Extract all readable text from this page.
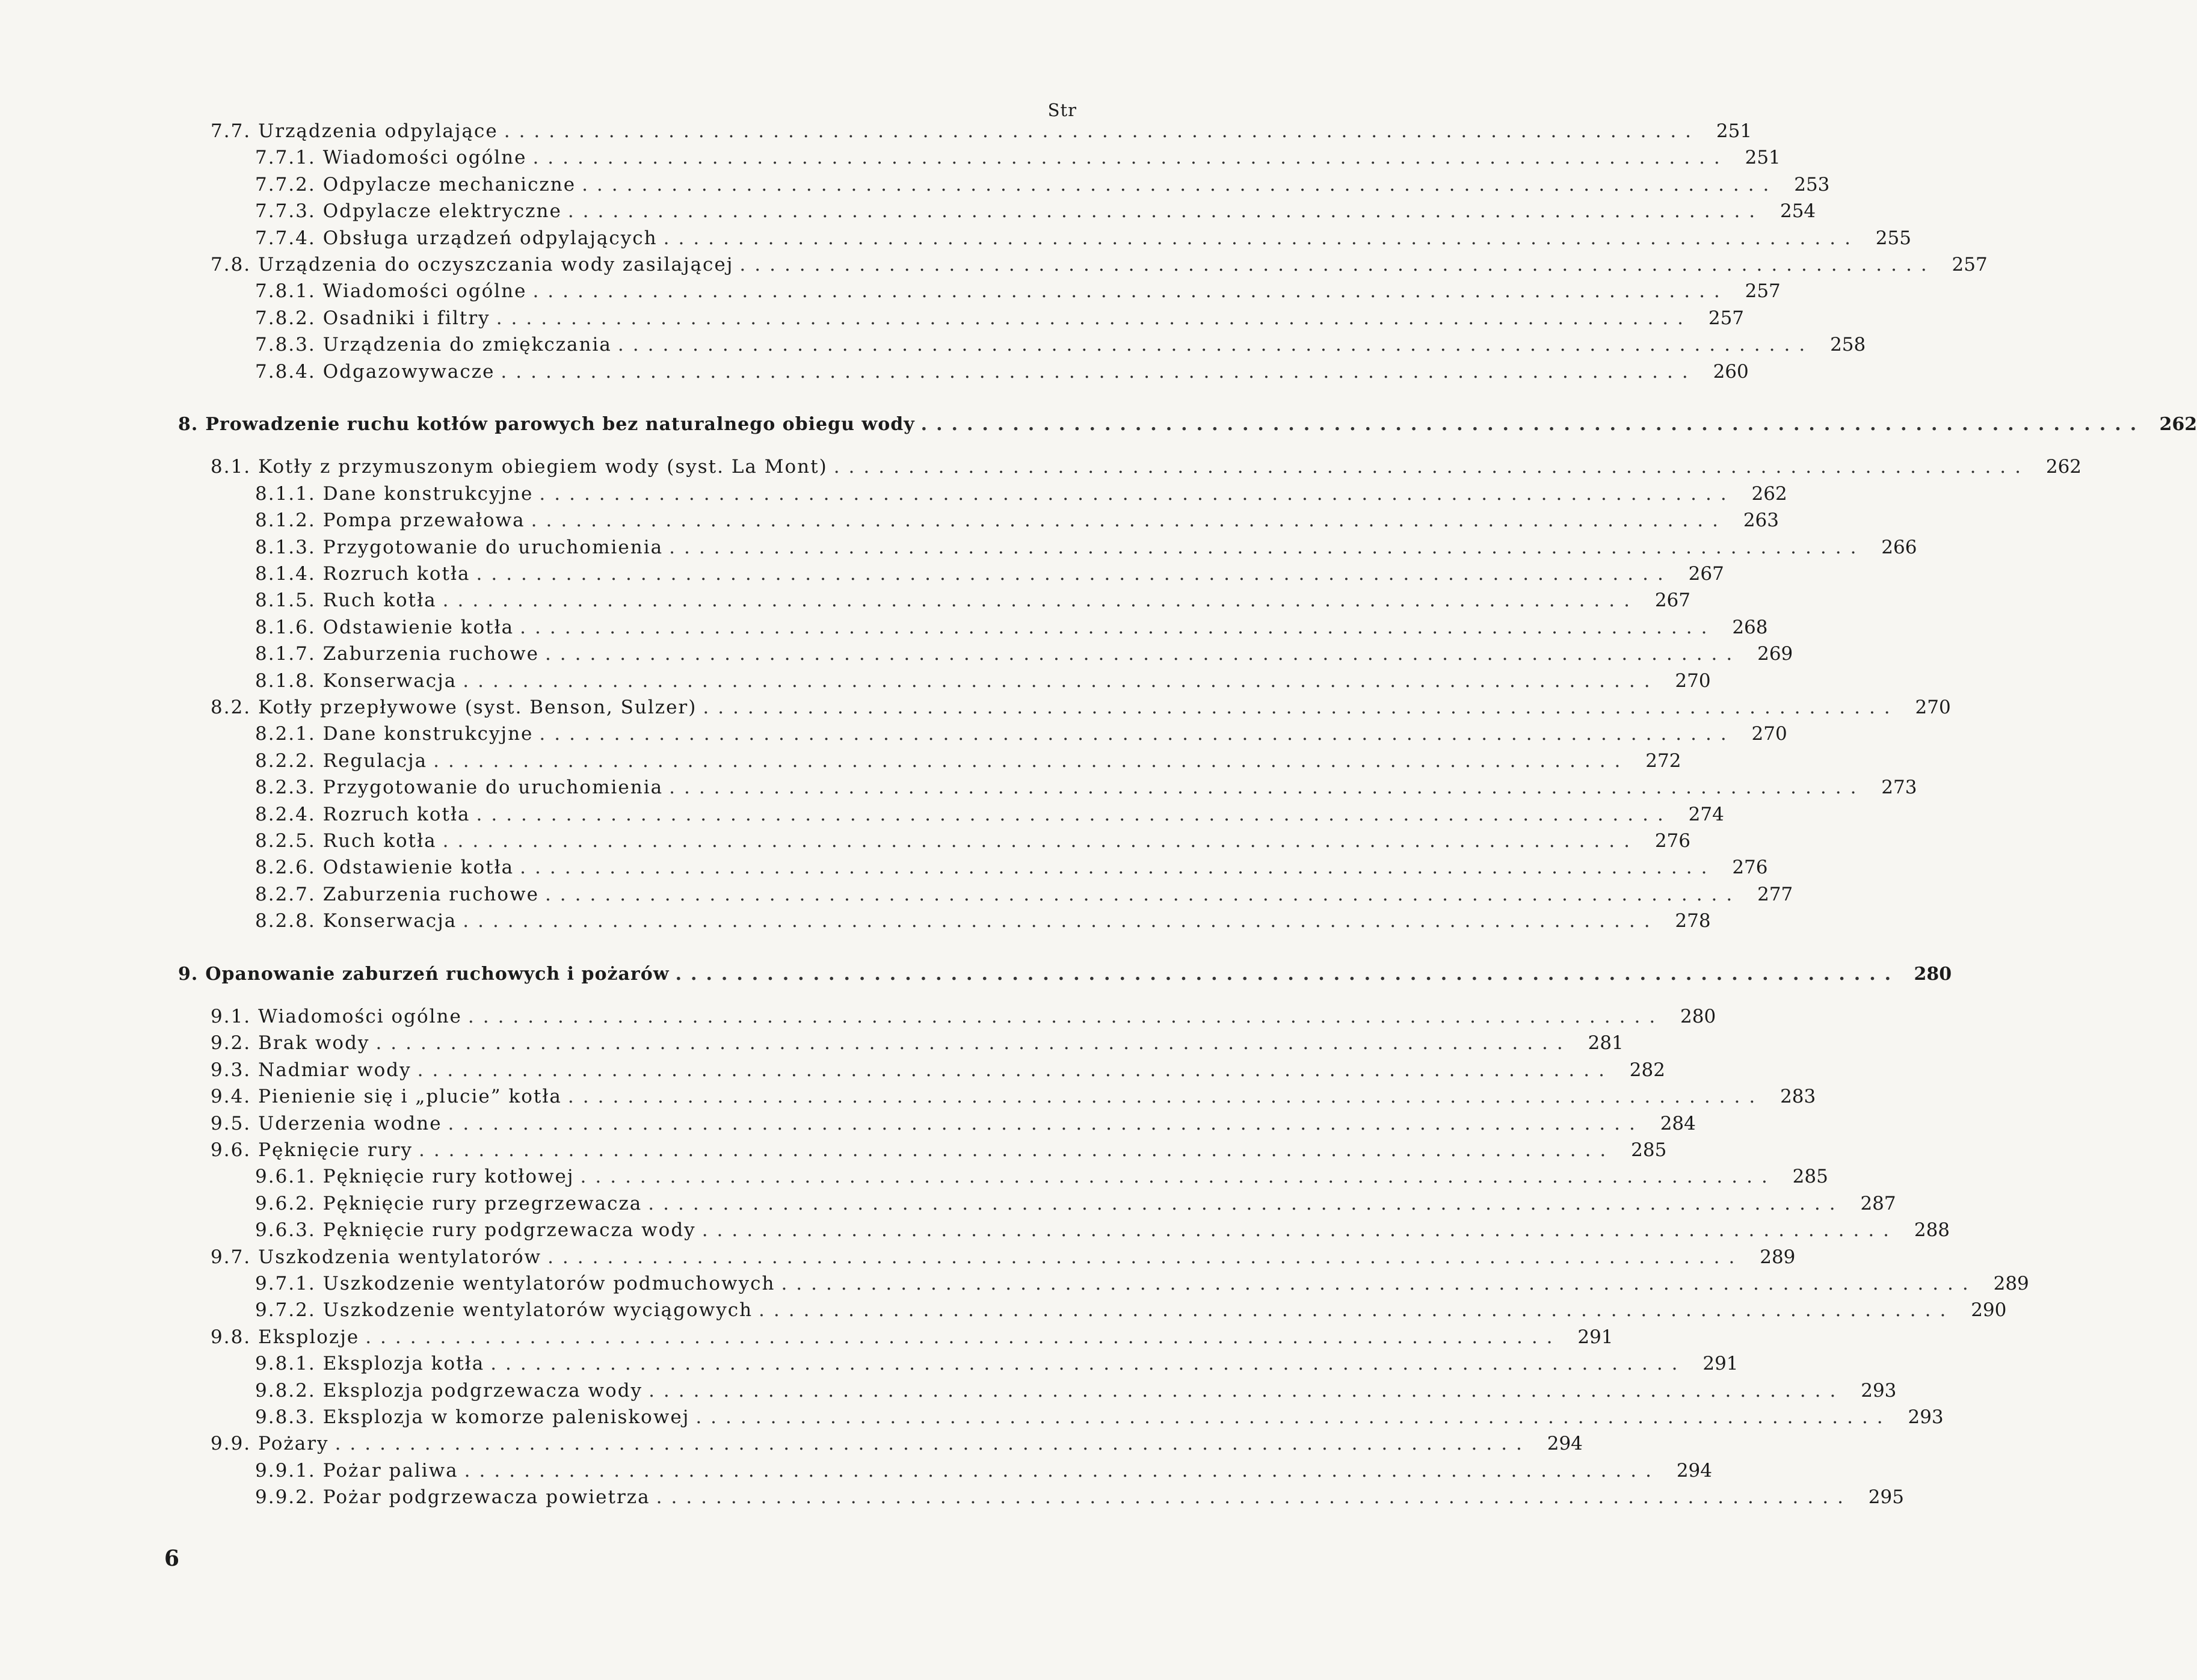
Str
7.7. Urządzenia odpylające ................................................................................ 251
7.7.1. Wiadomości ogólne ................................................................................ 251
7.7.2. Odpylacze mechaniczne ................................................................................ 253
7.7.3. Odpylacze elektryczne ................................................................................ 254
7.7.4. Obsługa urządzeń odpylających ................................................................................ 255
7.8. Urządzenia do oczyszczania wody zasilającej ................................................................................ 257
7.8.1. Wiadomości ogólne ................................................................................ 257
7.8.2. Osadniki i filtry ................................................................................ 257
7.8.3. Urządzenia do zmiękczania ................................................................................ 258
7.8.4. Odgazowywacze ................................................................................ 260
8. Prowadzenie ruchu kotłów parowych bez naturalnego obiegu wody ................................................................................ 262
8.1. Kotły z przymuszonym obiegiem wody (syst. La Mont) ................................................................................ 262
8.1.1. Dane konstrukcyjne ................................................................................ 262
8.1.2. Pompa przewałowa ................................................................................ 263
8.1.3. Przygotowanie do uruchomienia ................................................................................ 266
8.1.4. Rozruch kotła ................................................................................ 267
8.1.5. Ruch kotła ................................................................................ 267
8.1.6. Odstawienie kotła ................................................................................ 268
8.1.7. Zaburzenia ruchowe ................................................................................ 269
8.1.8. Konserwacja ................................................................................ 270
8.2. Kotły przepływowe (syst. Benson, Sulzer) ................................................................................ 270
8.2.1. Dane konstrukcyjne ................................................................................ 270
8.2.2. Regulacja ................................................................................ 272
8.2.3. Przygotowanie do uruchomienia ................................................................................ 273
8.2.4. Rozruch kotła ................................................................................ 274
8.2.5. Ruch kotła ................................................................................ 276
8.2.6. Odstawienie kotła ................................................................................ 276
8.2.7. Zaburzenia ruchowe ................................................................................ 277
8.2.8. Konserwacja ................................................................................ 278
9. Opanowanie zaburzeń ruchowych i pożarów ................................................................................ 280
9.1. Wiadomości ogólne ................................................................................ 280
9.2. Brak wody ................................................................................ 281
9.3. Nadmiar wody ................................................................................ 282
9.4. Pienienie się i „plucie” kotła ................................................................................ 283
9.5. Uderzenia wodne ................................................................................ 284
9.6. Pęknięcie rury ................................................................................ 285
9.6.1. Pęknięcie rury kotłowej ................................................................................ 285
9.6.2. Pęknięcie rury przegrzewacza ................................................................................ 287
9.6.3. Pęknięcie rury podgrzewacza wody ................................................................................ 288
9.7. Uszkodzenia wentylatorów ................................................................................ 289
9.7.1. Uszkodzenie wentylatorów podmuchowych ................................................................................ 289
9.7.2. Uszkodzenie wentylatorów wyciągowych ................................................................................ 290
9.8. Eksplozje ................................................................................ 291
9.8.1. Eksplozja kotła ................................................................................ 291
9.8.2. Eksplozja podgrzewacza wody ................................................................................ 293
9.8.3. Eksplozja w komorze paleniskowej ................................................................................ 293
9.9. Pożary ................................................................................ 294
9.9.1. Pożar paliwa ................................................................................ 294
9.9.2. Pożar podgrzewacza powietrza ................................................................................ 295
6
